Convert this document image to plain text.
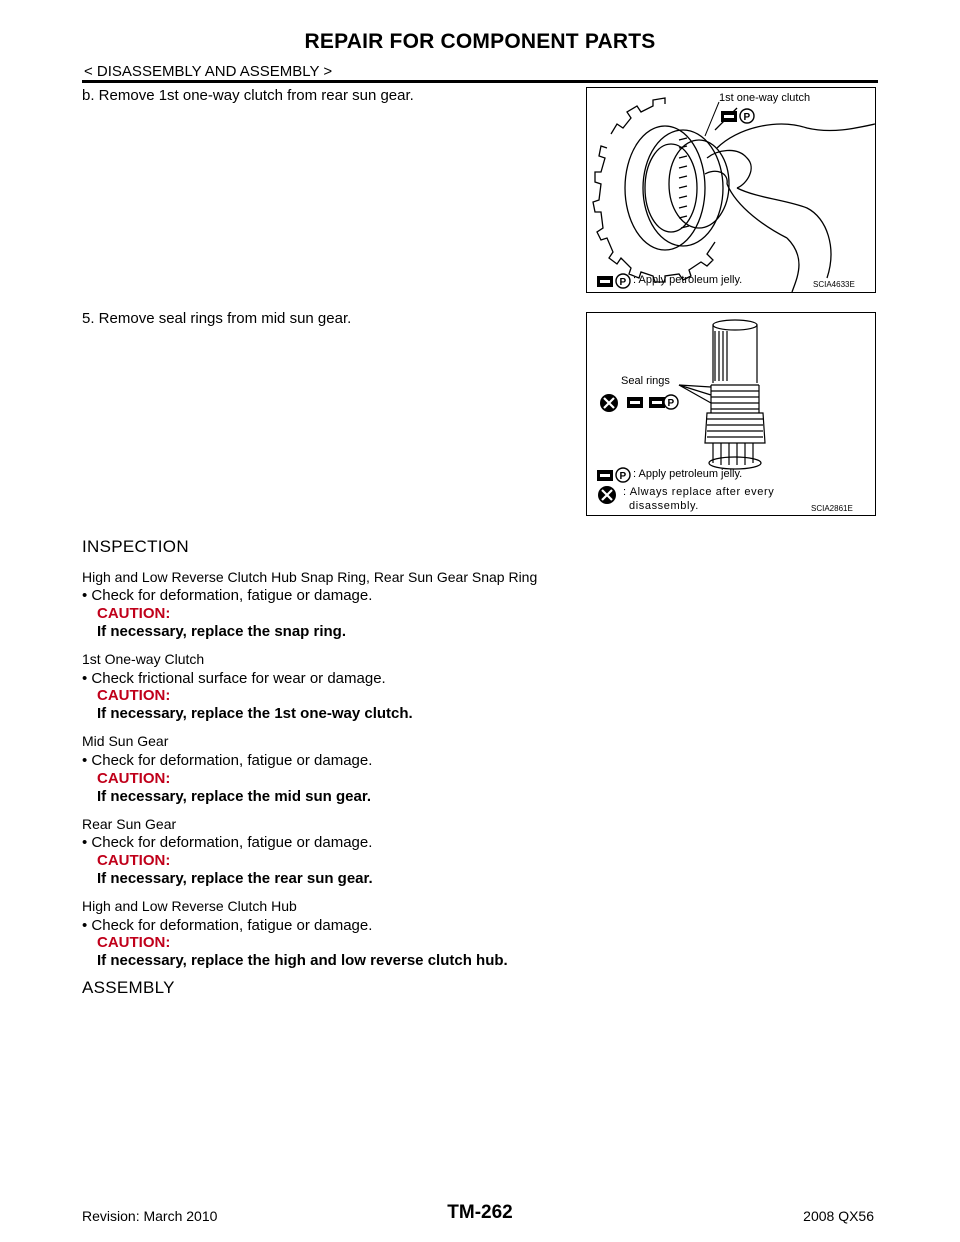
REPAIR FOR COMPONENT PARTS
< DISASSEMBLY AND ASSEMBLY >
b. Remove 1st one-way clutch from rear sun gear.
P
P
1st one-way clutch
: Apply petroleum jelly.	SCIA4633E
5. Remove seal rings from mid sun gear.
P
P
Seal rings
: Apply petroleum jelly.
: Always replace after every
disassembly.	SCIA2861E
INSPECTION
High and Low Reverse Clutch Hub Snap Ring, Rear Sun Gear Snap Ring
• Check for deformation, fatigue or damage.
CAUTION:
If necessary, replace the snap ring.
1st One-way Clutch
• Check frictional surface for wear or damage.
CAUTION:
If necessary, replace the 1st one-way clutch.
Mid Sun Gear
• Check for deformation, fatigue or damage.
CAUTION:
If necessary, replace the mid sun gear.
Rear Sun Gear
• Check for deformation, fatigue or damage.
CAUTION:
If necessary, replace the rear sun gear.
High and Low Reverse Clutch Hub
• Check for deformation, fatigue or damage.
CAUTION:
If necessary, replace the high and low reverse clutch hub.
ASSEMBLY
Revision: March 2010	TM-262	2008 QX56
